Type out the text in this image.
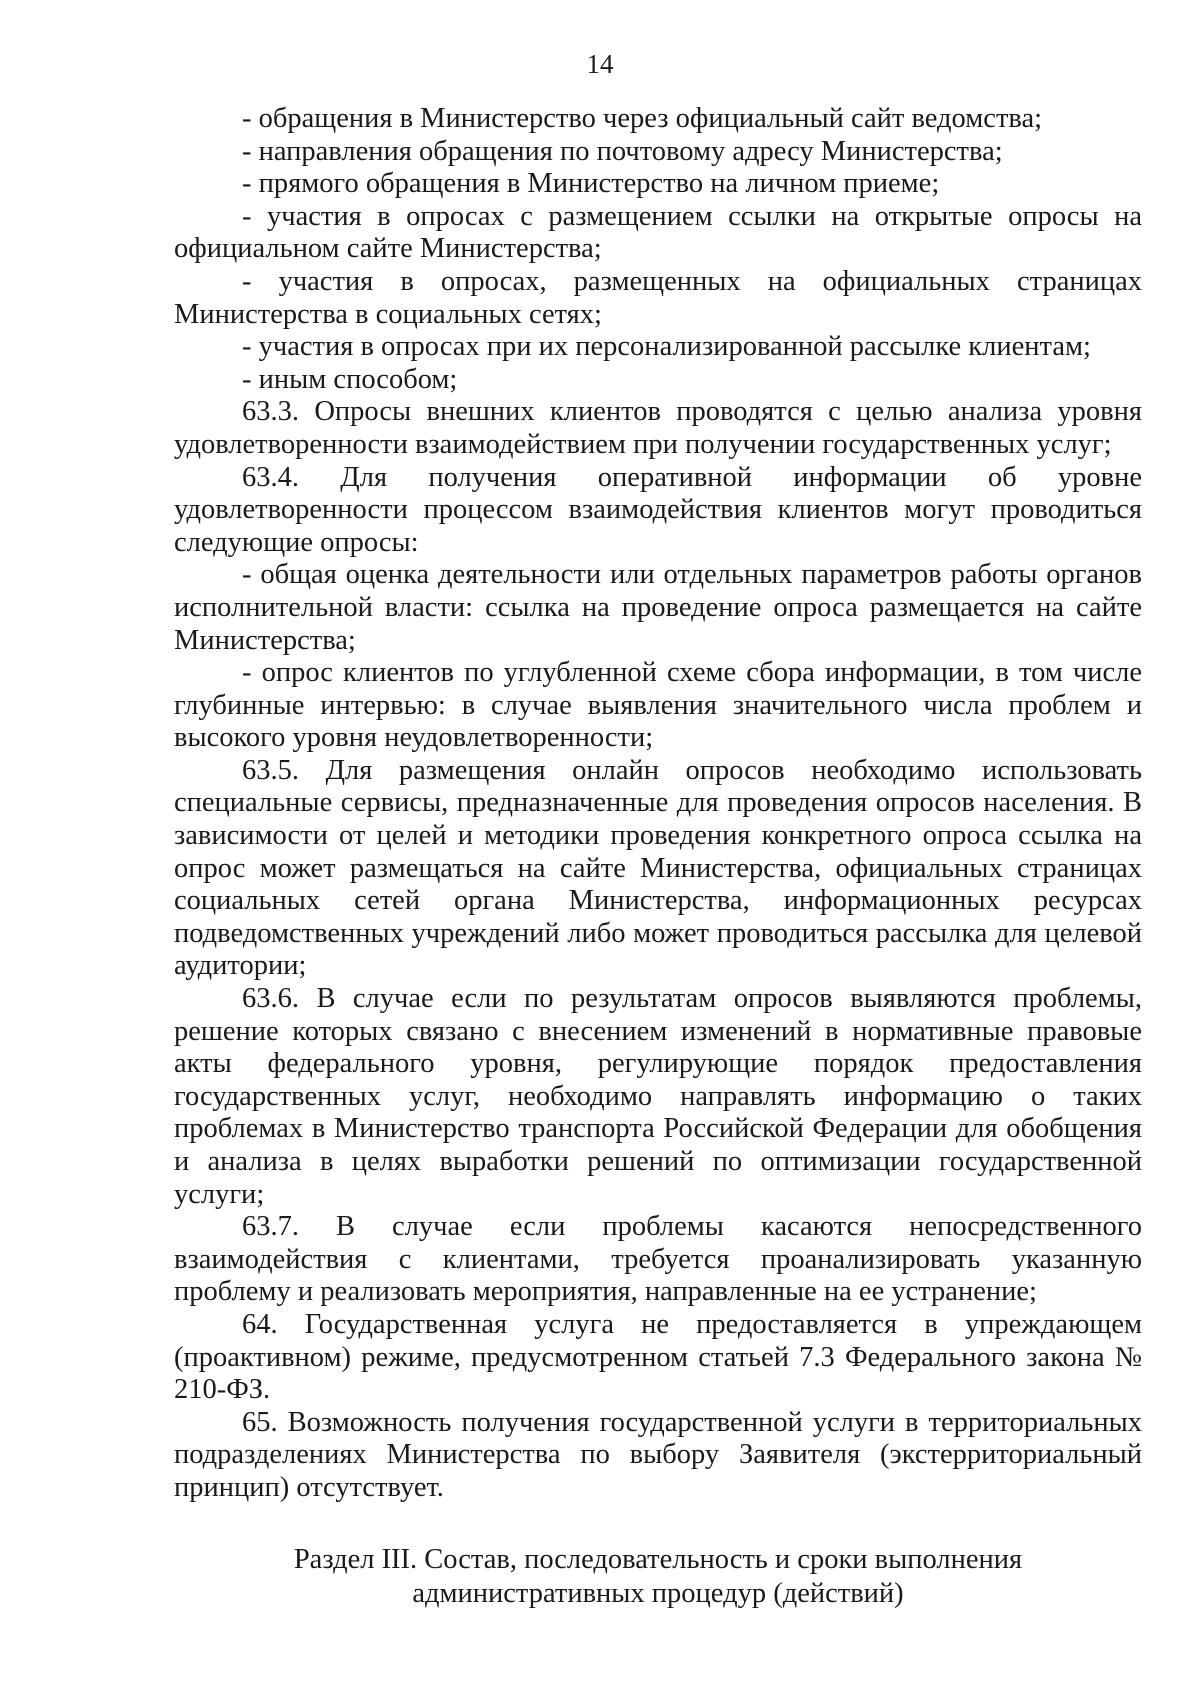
14

- обращения в Министерство через официальный сайт ведомства;

- направления обращения по почтовому адресу Министерства;

- прямого обращения в Министерство на личном приеме;

- участия в опросах с размещением ссылки на открытые опросы на официальном сайте Министерства;

- участия в опросах, размещенных на официальных страницах Министерства в социальных сетях;

- участия в опросах при их персонализированной рассылке клиентам;

- иным способом;

63.3. Опросы внешних клиентов проводятся с целью анализа уровня удовлетворенности взаимодействием при получении государственных услуг;

63.4. Для получения оперативной информации об уровне удовлетворенности процессом взаимодействия клиентов могут проводиться следующие опросы:

- общая оценка деятельности или отдельных параметров работы органов исполнительной власти: ссылка на проведение опроса размещается на сайте Министерства;

- опрос клиентов по углубленной схеме сбора информации, в том числе глубинные интервью: в случае выявления значительного числа проблем и высокого уровня неудовлетворенности;

63.5. Для размещения онлайн опросов необходимо использовать специальные сервисы, предназначенные для проведения опросов населения. В зависимости от целей и методики проведения конкретного опроса ссылка на опрос может размещаться на сайте Министерства, официальных страницах социальных сетей органа Министерства, информационных ресурсах подведомственных учреждений либо может проводиться рассылка для целевой аудитории;

63.6. В случае если по результатам опросов выявляются проблемы, решение которых связано с внесением изменений в нормативные правовые акты федерального уровня, регулирующие порядок предоставления государственных услуг, необходимо направлять информацию о таких проблемах в Министерство транспорта Российской Федерации для обобщения и анализа в целях выработки решений по оптимизации государственной услуги;

63.7. В случае если проблемы касаются непосредственного взаимодействия с клиентами, требуется проанализировать указанную проблему и реализовать мероприятия, направленные на ее устранение;

64. Государственная услуга не предоставляется в упреждающем (проактивном) режиме, предусмотренном статьей 7.3 Федерального закона № 210-ФЗ.

65. Возможность получения государственной услуги в территориальных подразделениях Министерства по выбору Заявителя (экстерриториальный принцип) отсутствует.

Раздел III. Состав, последовательность и сроки выполнения
административных процедур (действий)
